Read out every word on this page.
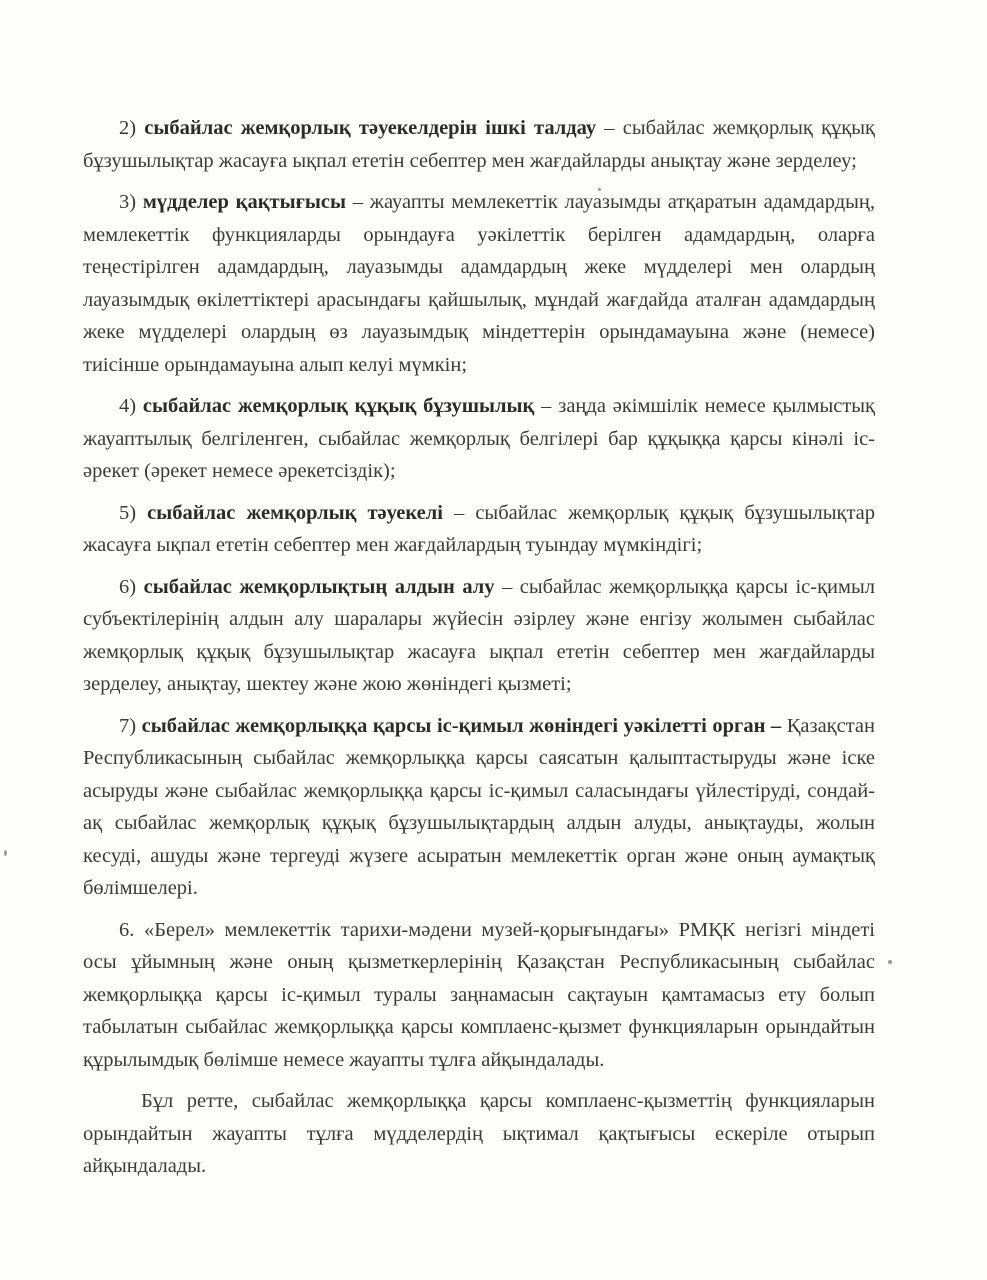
2) сыбайлас жемқорлық тәуекелдерін ішкі талдау – сыбайлас жемқорлық құқық бұзушылықтар жасауға ықпал ететін себептер мен жағдайларды анықтау және зерделеу;

3) мүдделер қақтығысы – жауапты мемлекеттік лауазымды атқаратын адамдардың, мемлекеттік функцияларды орындауға уәкілеттік берілген адамдардың, оларға теңестірілген адамдардың, лауазымды адамдардың жеке мүдделері мен олардың лауазымдық өкілеттіктері арасындағы қайшылық, мұндай жағдайда аталған адамдардың жеке мүдделері олардың өз лауазымдық міндеттерін орындамауына және (немесе) тиісінше орындамауына алып келуі мүмкін;

4) сыбайлас жемқорлық құқық бұзушылық – заңда әкімшілік немесе қылмыстық жауаптылық белгіленген, сыбайлас жемқорлық белгілері бар құқыққа қарсы кінәлі іс-әрекет (әрекет немесе әрекетсіздік);

5) сыбайлас жемқорлық тәуекелі – сыбайлас жемқорлық құқық бұзушылықтар жасауға ықпал ететін себептер мен жағдайлардың туындау мүмкіндігі;

6) сыбайлас жемқорлықтың алдын алу – сыбайлас жемқорлыққа қарсы іс-қимыл субъектілерінің алдын алу шаралары жүйесін әзірлеу және енгізу жолымен сыбайлас жемқорлық құқық бұзушылықтар жасауға ықпал ететін себептер мен жағдайларды зерделеу, анықтау, шектеу және жою жөніндегі қызметі;

7) сыбайлас жемқорлыққа қарсы іс-қимыл жөніндегі уәкілетті орган – Қазақстан Республикасының сыбайлас жемқорлыққа қарсы саясатын қалыптастыруды және іске асыруды және сыбайлас жемқорлыққа қарсы іс-қимыл саласындағы үйлестіруді, сондай-ақ сыбайлас жемқорлық құқық бұзушылықтардың алдын алуды, анықтауды, жолын кесуді, ашуды және тергеуді жүзеге асыратын мемлекеттік орган және оның аумақтық бөлімшелері.

6. «Берел» мемлекеттік тарихи-мәдени музей-қорығындағы» РМҚК негізгі міндеті осы ұйымның және оның қызметкерлерінің Қазақстан Республикасының сыбайлас жемқорлыққа қарсы іс-қимыл туралы заңнамасын сақтауын қамтамасыз ету болып табылатын сыбайлас жемқорлыққа қарсы комплаенс-қызмет функцияларын орындайтын құрылымдық бөлімше немесе жауапты тұлға айқындалады.

Бұл ретте, сыбайлас жемқорлыққа қарсы комплаенс-қызметтің функцияларын орындайтын жауапты тұлға мүдделердің ықтимал қақтығысы ескеріле отырып айқындалады.
